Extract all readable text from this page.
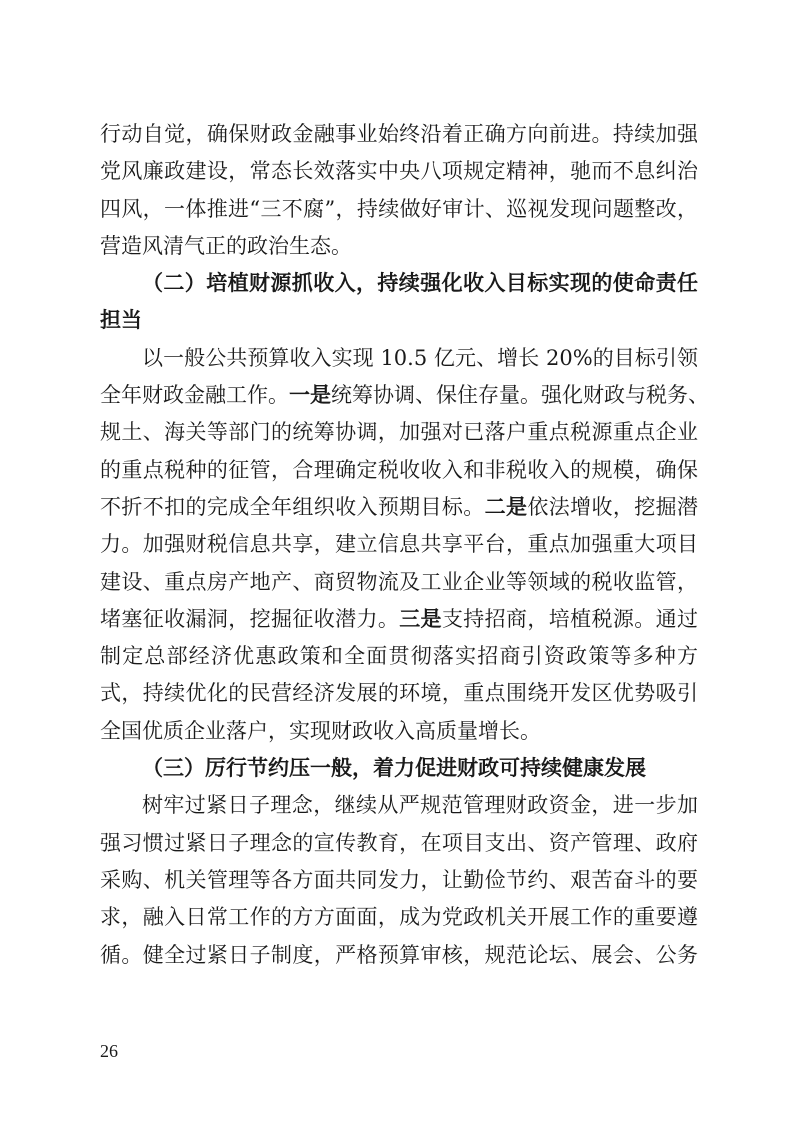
行动自觉，确保财政金融事业始终沿着正确方向前进。持续加强
党风廉政建设，常态长效落实中央八项规定精神，驰而不息纠治
四风，一体推进“三不腐”，持续做好审计、巡视发现问题整改，
营造风清气正的政治生态。
（二）培植财源抓收入，持续强化收入目标实现的使命责任
担当
以一般公共预算收入实现 10.5 亿元、增长 20%的目标引领
全年财政金融工作。一是统筹协调、保住存量。强化财政与税务、
规土、海关等部门的统筹协调，加强对已落户重点税源重点企业
的重点税种的征管，合理确定税收收入和非税收入的规模，确保
不折不扣的完成全年组织收入预期目标。二是依法增收，挖掘潜
力。加强财税信息共享，建立信息共享平台，重点加强重大项目
建设、重点房产地产、商贸物流及工业企业等领域的税收监管，
堵塞征收漏洞，挖掘征收潜力。三是支持招商，培植税源。通过
制定总部经济优惠政策和全面贯彻落实招商引资政策等多种方
式，持续优化的民营经济发展的环境，重点围绕开发区优势吸引
全国优质企业落户，实现财政收入高质量增长。
（三）厉行节约压一般，着力促进财政可持续健康发展
树牢过紧日子理念，继续从严规范管理财政资金，进一步加
强习惯过紧日子理念的宣传教育，在项目支出、资产管理、政府
采购、机关管理等各方面共同发力，让勤俭节约、艰苦奋斗的要
求，融入日常工作的方方面面，成为党政机关开展工作的重要遵
循。健全过紧日子制度，严格预算审核，规范论坛、展会、公务
26
